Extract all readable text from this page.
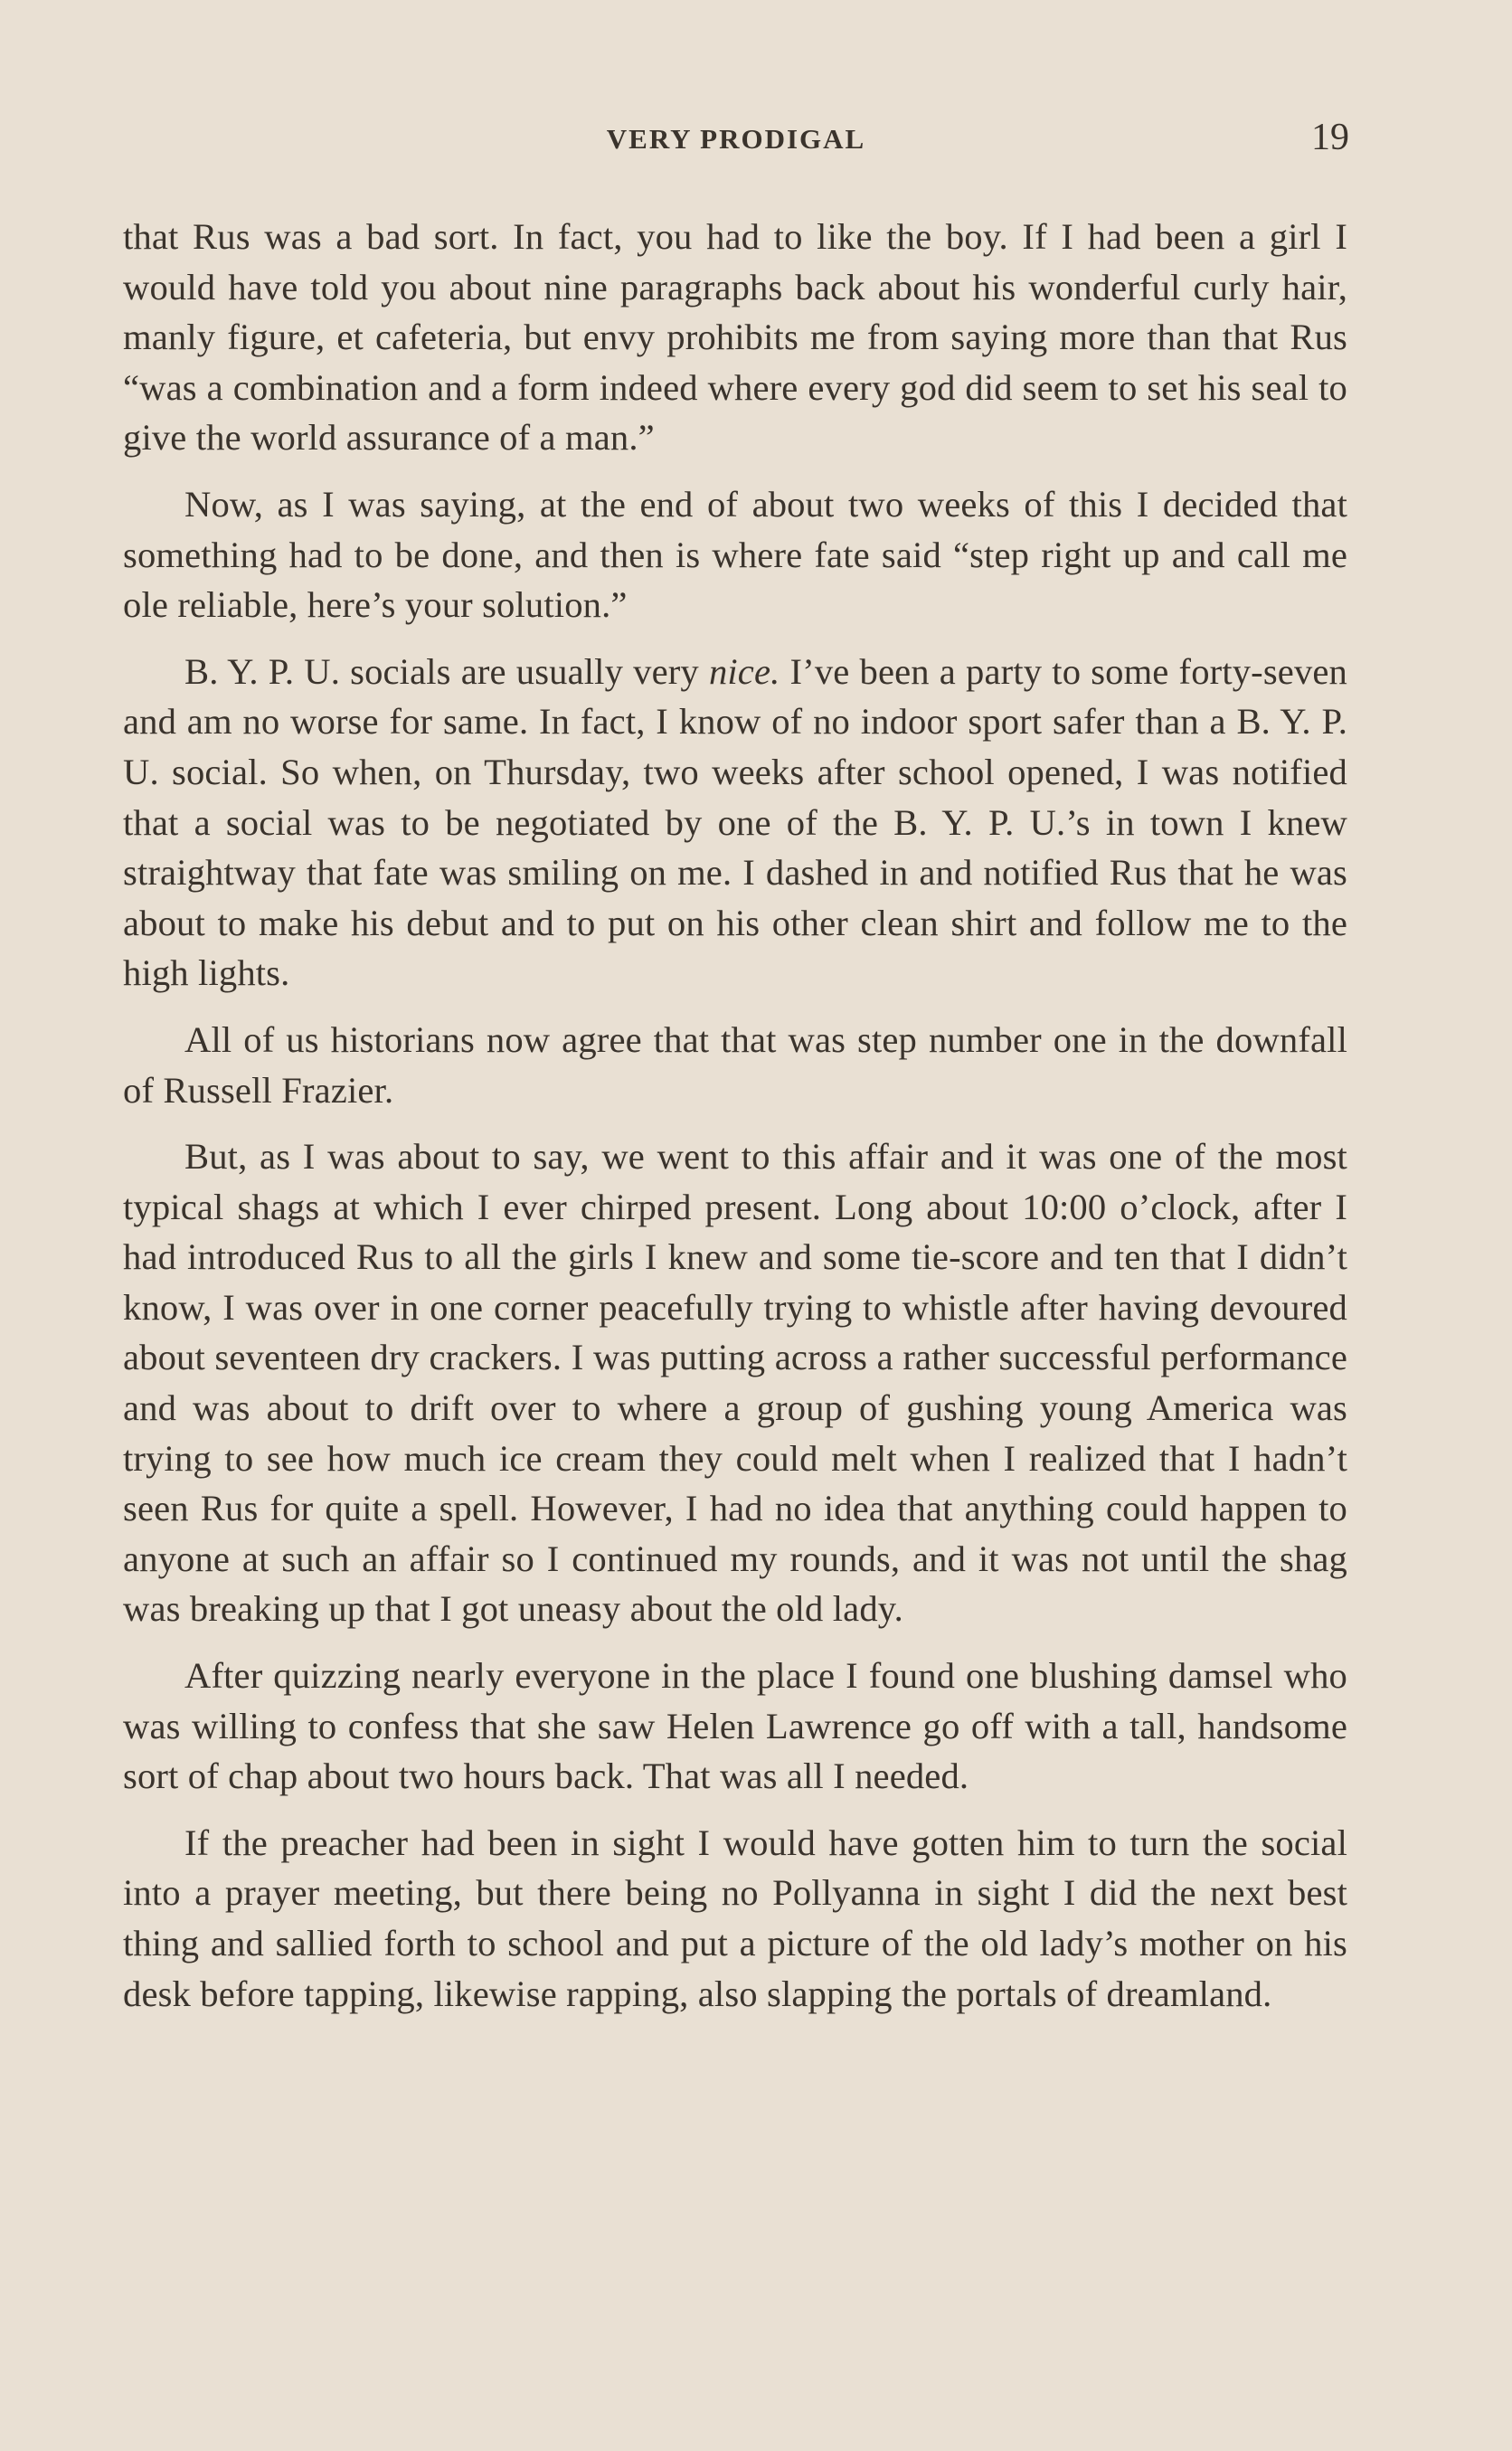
VERY PRODIGAL	19

that Rus was a bad sort. In fact, you had to like the boy. If I had been a girl I would have told you about nine paragraphs back about his wonderful curly hair, manly figure, et cafeteria, but envy prohibits me from saying more than that Rus “was a combination and a form indeed where every god did seem to set his seal to give the world assurance of a man.”

Now, as I was saying, at the end of about two weeks of this I decided that something had to be done, and then is where fate said “step right up and call me ole reliable, here’s your solution.”

B. Y. P. U. socials are usually very nice. I’ve been a party to some forty-seven and am no worse for same. In fact, I know of no indoor sport safer than a B. Y. P. U. social. So when, on Thursday, two weeks after school opened, I was notified that a social was to be negotiated by one of the B. Y. P. U.’s in town I knew straightway that fate was smiling on me. I dashed in and notified Rus that he was about to make his debut and to put on his other clean shirt and follow me to the high lights.

All of us historians now agree that that was step number one in the downfall of Russell Frazier.

But, as I was about to say, we went to this affair and it was one of the most typical shags at which I ever chirped present. Long about 10:00 o’clock, after I had introduced Rus to all the girls I knew and some tie-score and ten that I didn’t know, I was over in one corner peacefully trying to whistle after having devoured about seventeen dry crackers. I was putting across a rather successful performance and was about to drift over to where a group of gushing young America was trying to see how much ice cream they could melt when I realized that I hadn’t seen Rus for quite a spell. However, I had no idea that anything could happen to anyone at such an affair so I continued my rounds, and it was not until the shag was breaking up that I got uneasy about the old lady.

After quizzing nearly everyone in the place I found one blushing damsel who was willing to confess that she saw Helen Lawrence go off with a tall, handsome sort of chap about two hours back. That was all I needed.

If the preacher had been in sight I would have gotten him to turn the social into a prayer meeting, but there being no Pollyanna in sight I did the next best thing and sallied forth to school and put a picture of the old lady’s mother on his desk before tapping, likewise rapping, also slapping the portals of dreamland.
